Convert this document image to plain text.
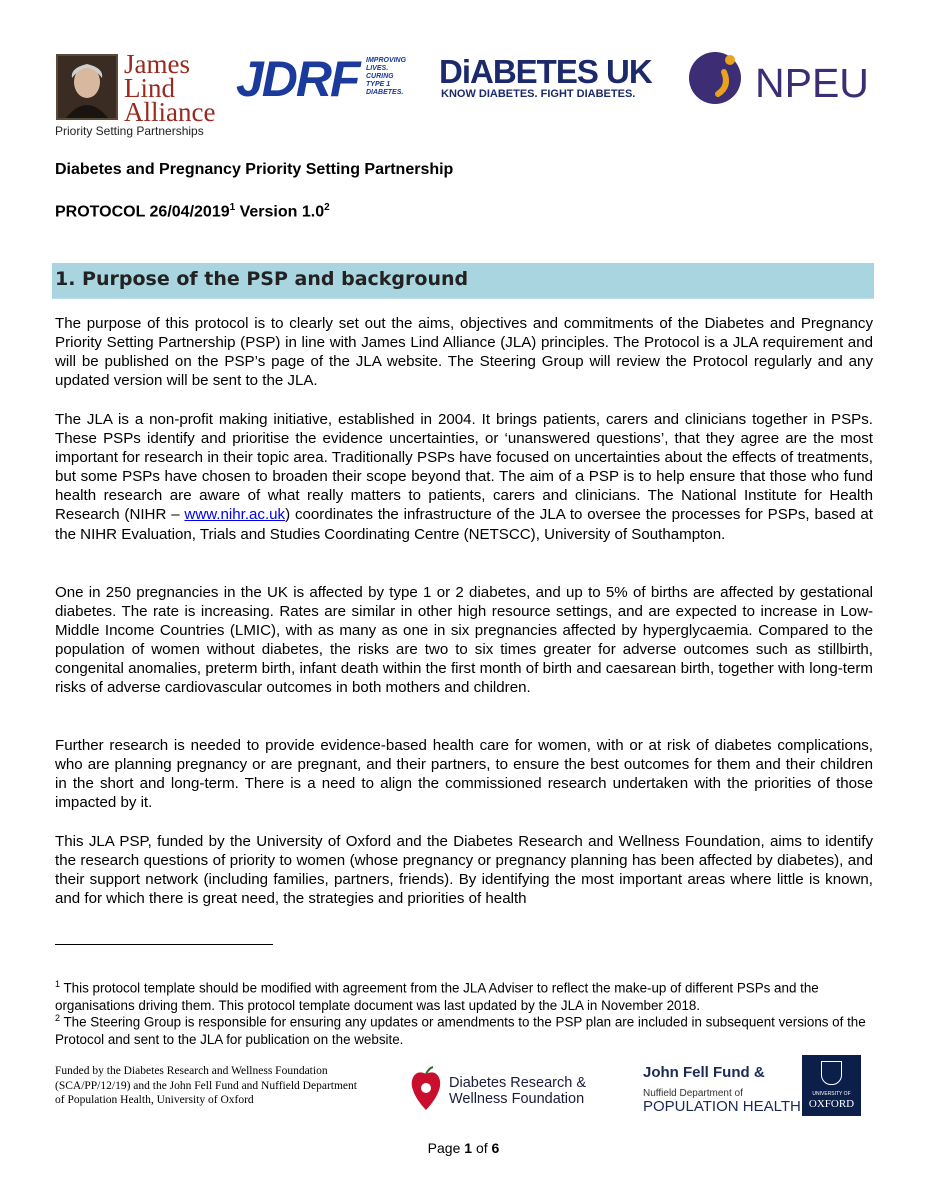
James
Lind
Alliance
Priority Setting Partnerships
JDRF IMPROVING
LIVES.
CURING
TYPE 1
DIABETES.
DiABETES UK
KNOW DIABETES. FIGHT DIABETES.	NPEU
Diabetes and Pregnancy Priority Setting Partnership
PROTOCOL 26/04/2019$^1$ Version $1.0^2$
1. Purpose of the PSP and background
The purpose of this protocol is to clearly set out the aims, objectives and commitments of the Diabetes and Pregnancy Priority Setting Partnership (PSP) in line with James Lind Alliance (JLA) principles. The Protocol is a JLA requirement and will be published on the PSP’s page of the JLA website. The Steering Group will review the Protocol regularly and any updated version will be sent to the JLA.
The JLA is a non-profit making initiative, established in 2004. It brings patients, carers and clinicians together in PSPs. These PSPs identify and prioritise the evidence uncertainties, or ‘unanswered questions’, that they agree are the most important for research in their topic area. Traditionally PSPs have focused on uncertainties about the effects of treatments, but some PSPs have chosen to broaden their scope beyond that. The aim of a PSP is to help ensure that those who fund health research are aware of what really matters to patients, carers and clinicians. The National Institute for Health Research (NIHR – www.nihr.ac.uk) coordinates the infrastructure of the JLA to oversee the processes for PSPs, based at the NIHR Evaluation, Trials and Studies Coordinating Centre (NETSCC), University of Southampton.
One in 250 pregnancies in the UK is affected by type 1 or 2 diabetes, and up to 5% of births are affected by gestational diabetes. The rate is increasing. Rates are similar in other high resource settings, and are expected to increase in Low-Middle Income Countries (LMIC), with as many as one in six pregnancies affected by hyperglycaemia. Compared to the population of women without diabetes, the risks are two to six times greater for adverse outcomes such as stillbirth, congenital anomalies, preterm birth, infant death within the first month of birth and caesarean birth, together with long-term risks of adverse cardiovascular outcomes in both mothers and children.
Further research is needed to provide evidence-based health care for women, with or at risk of diabetes complications, who are planning pregnancy or are pregnant, and their partners, to ensure the best outcomes for them and their children in the short and long-term. There is a need to align the commissioned research undertaken with the priorities of those impacted by it.
This JLA PSP, funded by the University of Oxford and the Diabetes Research and Wellness Foundation, aims to identify the research questions of priority to women (whose pregnancy or pregnancy planning has been affected by diabetes), and their support network (including families, partners, friends). By identifying the most important areas where little is known, and for which there is great need, the strategies and priorities of health
$^1$ This protocol template should be modified with agreement from the JLA Adviser to reflect the make-up of different PSPs and the organisations driving them. This protocol template document was last updated by the JLA in November 2018.
$^2$ The Steering Group is responsible for ensuring any updates or amendments to the PSP plan are included in subsequent versions of the Protocol and sent to the JLA for publication on the website.
Funded by the Diabetes Research and Wellness Foundation
(SCA/PP/12/19) and the John Fell Fund and Nuffield Department
of Population Health, University of Oxford
Diabetes Research &
Wellness Foundation
John Fell Fund &
Nuffield Department of
POPULATION HEALTH
UNIVERSITY OF
OXFORD
Page 1 of 6
